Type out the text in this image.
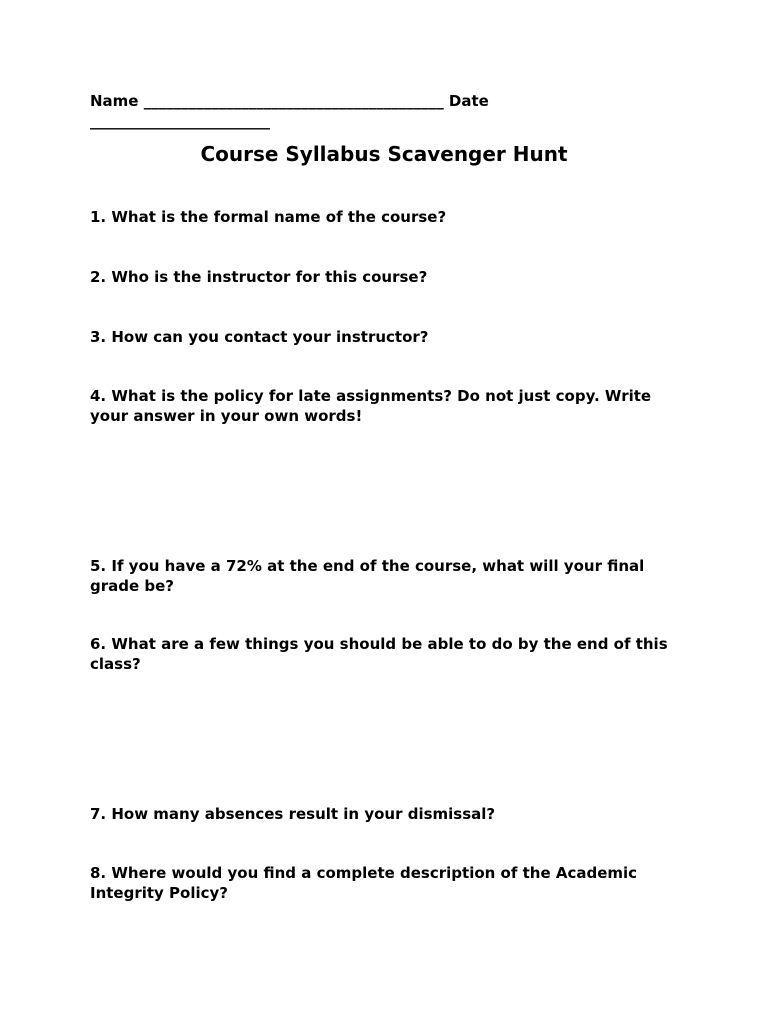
Name ________________________________________ Date
________________________
Course Syllabus Scavenger Hunt
1. What is the formal name of the course?
2. Who is the instructor for this course?
3. How can you contact your instructor?
4. What is the policy for late assignments? Do not just copy. Write your answer in your own words!
5. If you have a 72% at the end of the course, what will your final grade be?
6. What are a few things you should be able to do by the end of this class?
7. How many absences result in your dismissal?
8. Where would you find a complete description of the Academic Integrity Policy?
